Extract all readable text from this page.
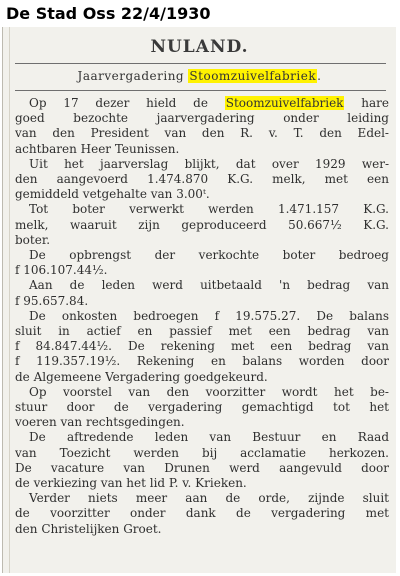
De Stad Oss 22/4/1930
NULAND.
Jaarvergadering Stoomzuivelfabriek.
Op 17 dezer hield de Stoomzuivelfabriek hare
goed bezochte jaarvergadering onder leiding
van den President van den R. v. T. den Edel-
achtbaren Heer Teunissen.
Uit het jaarverslag blijkt, dat over 1929 wer-
den aangevoerd 1.474.870 K.G. melk, met een
gemiddeld vetgehalte van 3.00ᵗ.
Tot boter verwerkt werden 1.471.157 K.G.
melk, waaruit zijn geproduceerd 50.667½ K.G.
boter.
De opbrengst der verkochte boter bedroeg
f 106.107.44½.
Aan de leden werd uitbetaald 'n bedrag van
f 95.657.84.
De onkosten bedroegen f 19.575.27. De balans
sluit in actief en passief met een bedrag van
f 84.847.44½. De rekening met een bedrag van
f 119.357.19½. Rekening en balans worden door
de Algemeene Vergadering goedgekeurd.
Op voorstel van den voorzitter wordt het be-
stuur door de vergadering gemachtigd tot het
voeren van rechtsgedingen.
De aftredende leden van Bestuur en Raad
van Toezicht werden bij acclamatie herkozen.
De vacature van Drunen werd aangevuld door
de verkiezing van het lid P. v. Krieken.
Verder niets meer aan de orde, zijnde sluit
de voorzitter onder dank de vergadering met
den Christelijken Groet.
